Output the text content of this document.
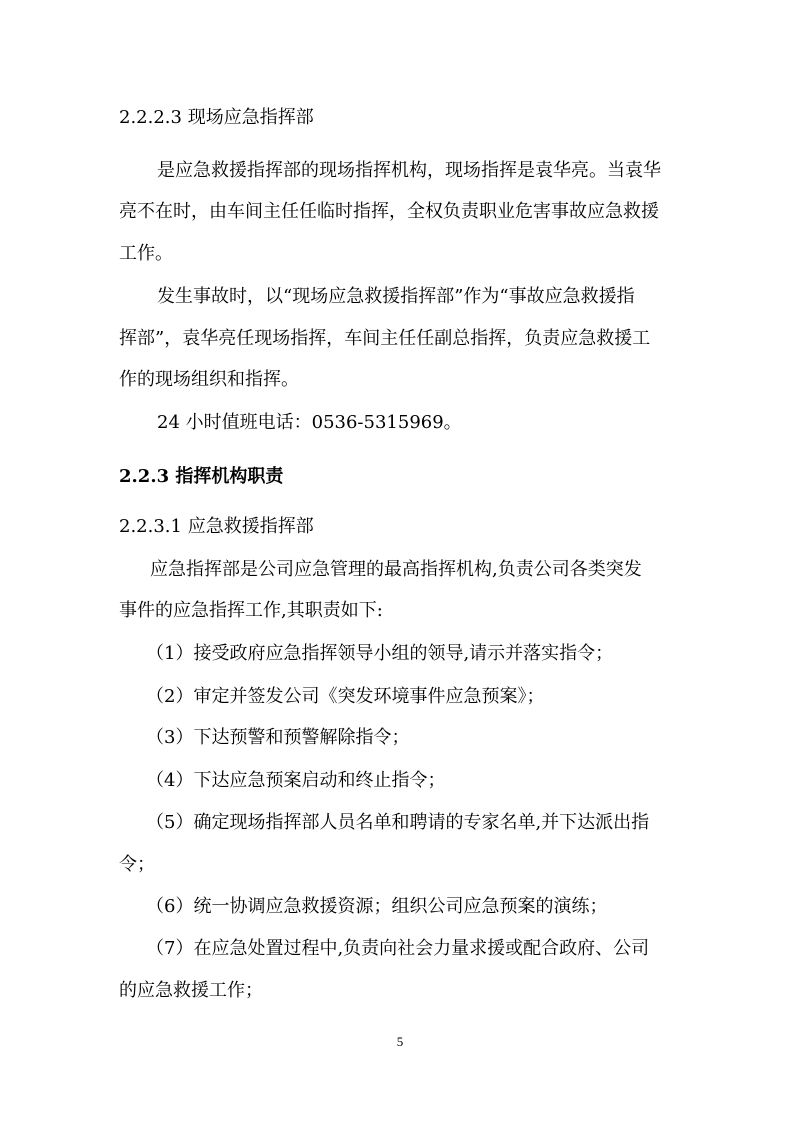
2.2.2.3 现场应急指挥部
是应急救援指挥部的现场指挥机构，现场指挥是袁华亮。当袁华
亮不在时，由车间主任任临时指挥，全权负责职业危害事故应急救援
工作。
发生事故时，以“现场应急救援指挥部”作为“事故应急救援指
挥部”，袁华亮任现场指挥，车间主任任副总指挥，负责应急救援工
作的现场组织和指挥。
24 小时值班电话：0536-5315969。
2.2.3 指挥机构职责
2.2.3.1 应急救援指挥部
应急指挥部是公司应急管理的最高指挥机构,负责公司各类突发
事件的应急指挥工作,其职责如下:
（1）接受政府应急指挥领导小组的领导,请示并落实指令；
（2）审定并签发公司《突发环境事件应急预案》；
（3）下达预警和预警解除指令；
（4）下达应急预案启动和终止指令；
（5）确定现场指挥部人员名单和聘请的专家名单,并下达派出指
令；
（6）统一协调应急救援资源；组织公司应急预案的演练；
（7）在应急处置过程中,负责向社会力量求援或配合政府、公司
的应急救援工作；
5
